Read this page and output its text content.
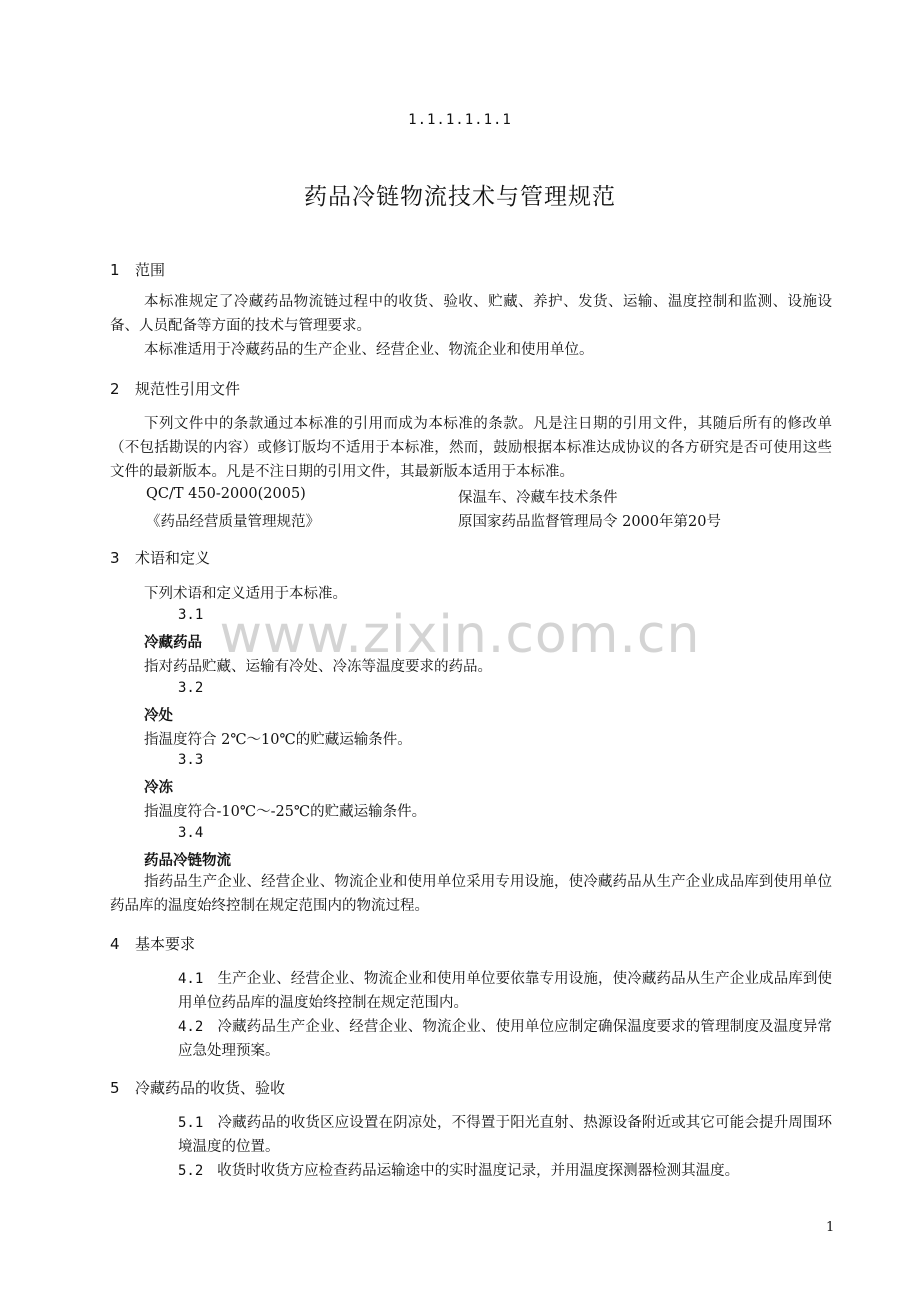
www.zixin.com.cn
1.1.1.1.1.1
药品冷链物流技术与管理规范
1 范围
本标准规定了冷藏药品物流链过程中的收货、验收、贮藏、养护、发货、运输、温度控制和监测、设施设备、人员配备等方面的技术与管理要求。
本标准适用于冷藏药品的生产企业、经营企业、物流企业和使用单位。
2 规范性引用文件
下列文件中的条款通过本标准的引用而成为本标准的条款。凡是注日期的引用文件，其随后所有的修改单（不包括勘误的内容）或修订版均不适用于本标准，然而，鼓励根据本标准达成协议的各方研究是否可使用这些文件的最新版本。凡是不注日期的引用文件，其最新版本适用于本标准。
QC/T 450-2000(2005)	保温车、冷藏车技术条件
《药品经营质量管理规范》	原国家药品监督管理局令 2000年第20号
3 术语和定义
下列术语和定义适用于本标准。
3.1
冷藏药品
指对药品贮藏、运输有冷处、冷冻等温度要求的药品。
3.2
冷处
指温度符合 2℃～10℃的贮藏运输条件。
3.3
冷冻
指温度符合-10℃～-25℃的贮藏运输条件。
3.4
药品冷链物流
指药品生产企业、经营企业、物流企业和使用单位采用专用设施，使冷藏药品从生产企业成品库到使用单位药品库的温度始终控制在规定范围内的物流过程。
4 基本要求
4.1 生产企业、经营企业、物流企业和使用单位要依靠专用设施，使冷藏药品从生产企业成品库到使用单位药品库的温度始终控制在规定范围内。
4.2 冷藏药品生产企业、经营企业、物流企业、使用单位应制定确保温度要求的管理制度及温度异常应急处理预案。
5 冷藏药品的收货、验收
5.1 冷藏药品的收货区应设置在阴凉处，不得置于阳光直射、热源设备附近或其它可能会提升周围环境温度的位置。
5.2 收货时收货方应检查药品运输途中的实时温度记录，并用温度探测器检测其温度。
1
